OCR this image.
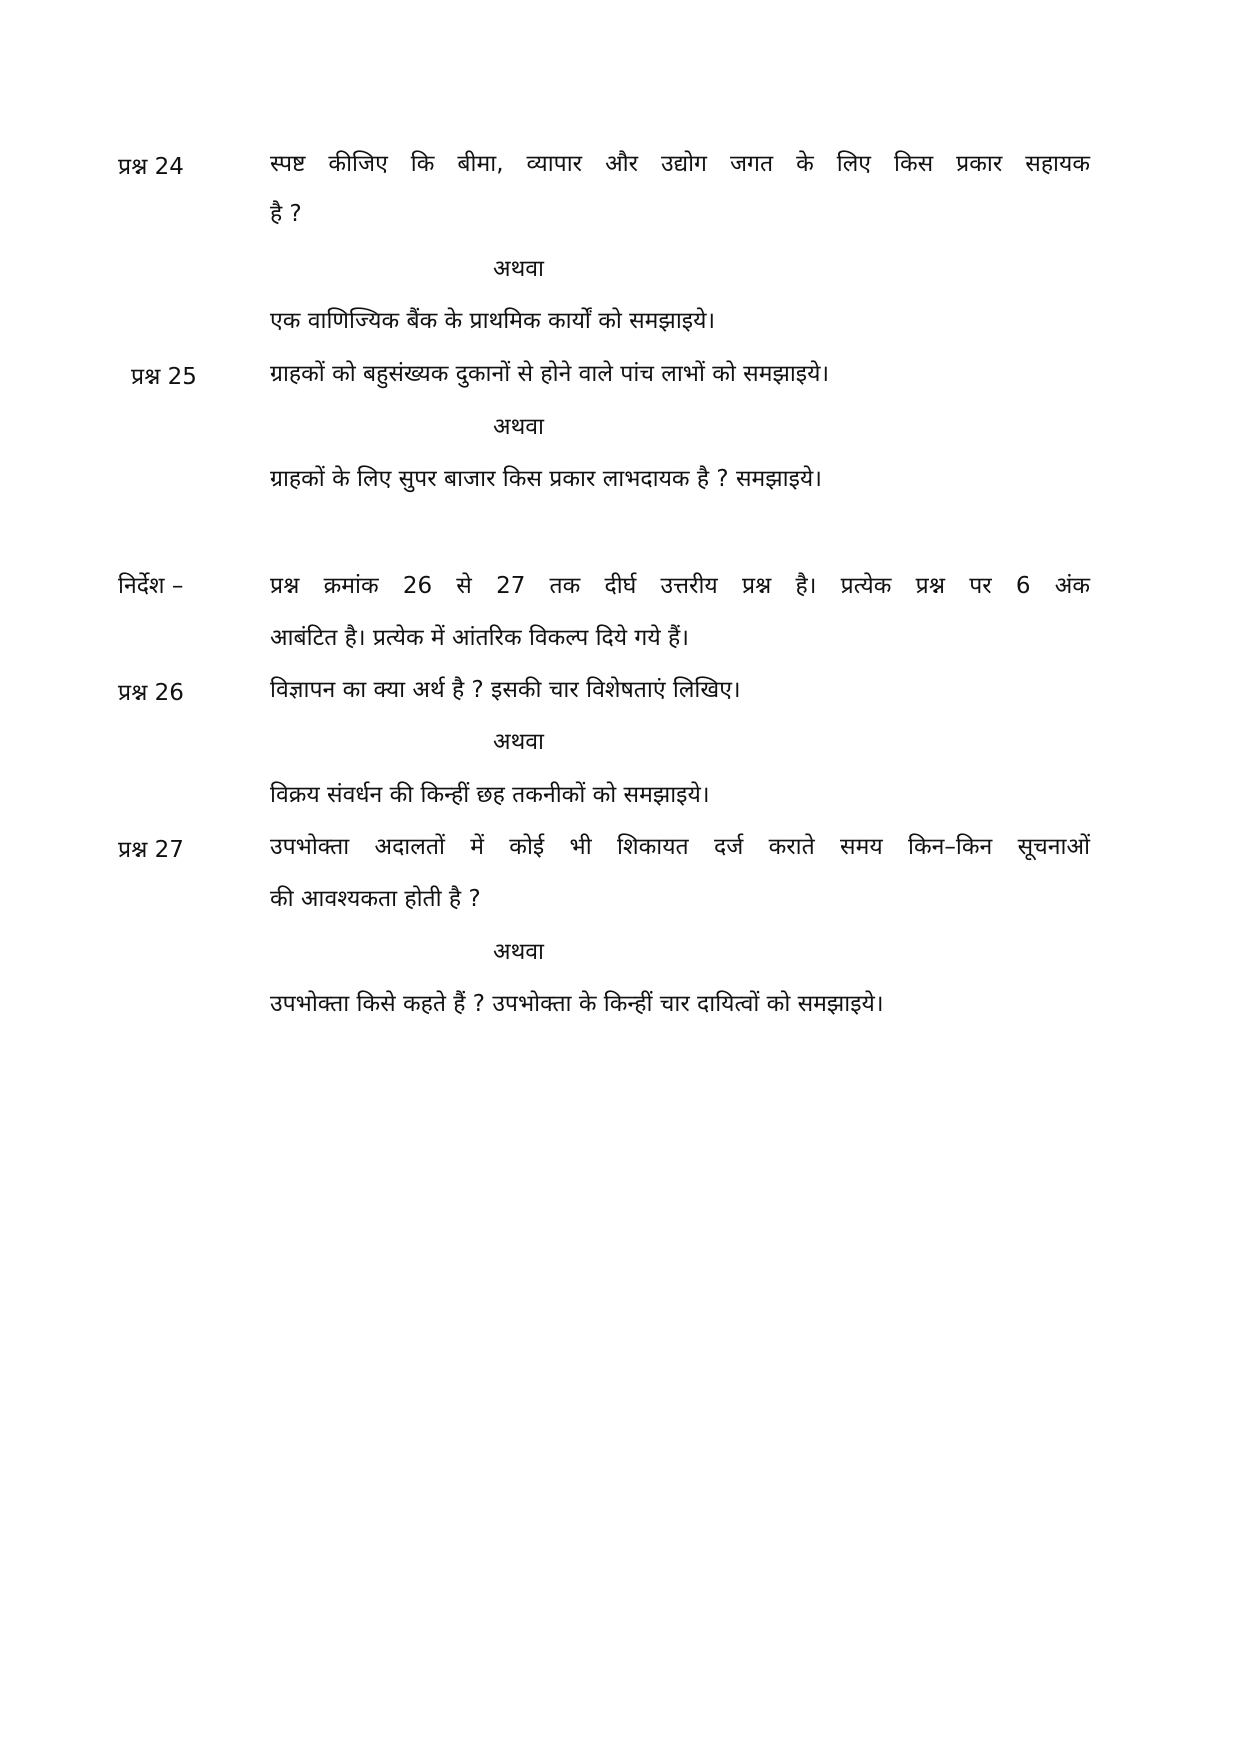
प्रश्न 24	स्पष्ट कीजिए कि बीमा, व्यापार और उद्योग जगत के लिए किस प्रकार सहायक
है ?
अथवा
एक वाणिज्यिक बैंक के प्राथमिक कार्यों को समझाइये।
प्रश्न 25	ग्राहकों को बहुसंख्यक दुकानों से होने वाले पांच लाभों को समझाइये।
अथवा
ग्राहकों के लिए सुपर बाजार किस प्रकार लाभदायक है ? समझाइये।
निर्देश –	प्रश्न क्रमांक 26 से 27 तक दीर्घ उत्तरीय प्रश्न है। प्रत्येक प्रश्न पर 6 अंक
आबंटित है। प्रत्येक में आंतरिक विकल्प दिये गये हैं।
प्रश्न 26	विज्ञापन का क्या अर्थ है ? इसकी चार विशेषताएं लिखिए।
अथवा
विक्रय संवर्धन की किन्हीं छह तकनीकों को समझाइये।
प्रश्न 27	उपभोक्ता अदालतों में कोई भी शिकायत दर्ज कराते समय किन–किन सूचनाओं
की आवश्यकता होती है ?
अथवा
उपभोक्ता किसे कहते हैं ? उपभोक्ता के किन्हीं चार दायित्वों को समझाइये।
